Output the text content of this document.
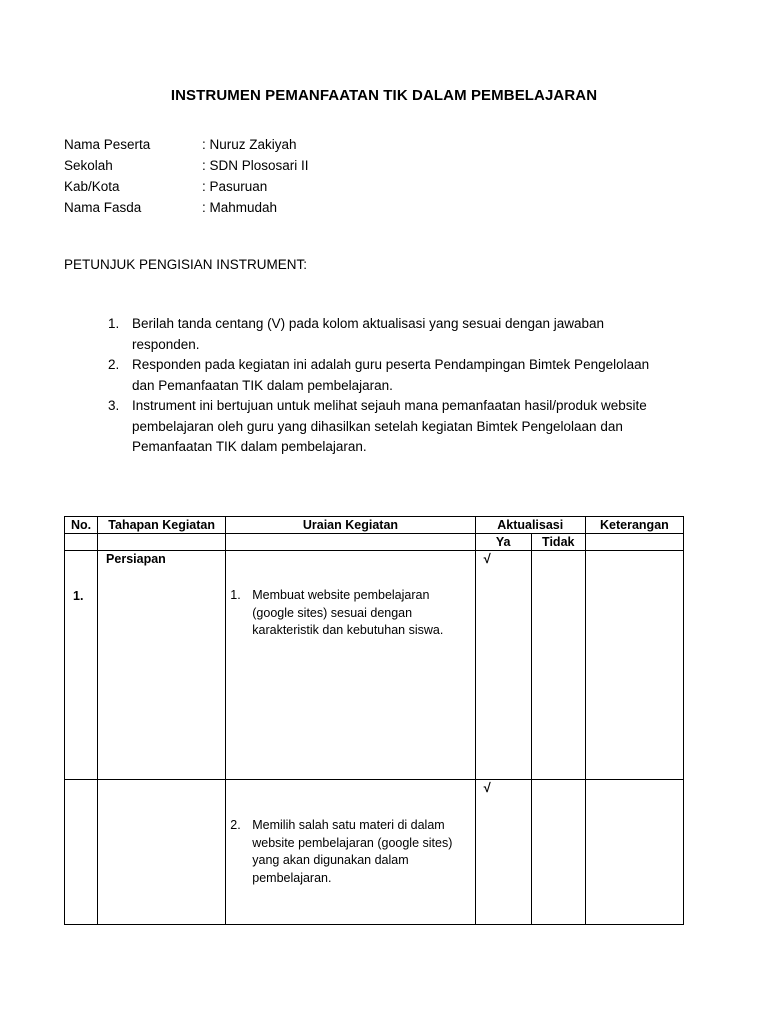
INSTRUMEN PEMANFAATAN TIK DALAM PEMBELAJARAN
Nama Peserta	: Nuruz Zakiyah
Sekolah	: SDN Plososari II
Kab/Kota	: Pasuruan
Nama Fasda	: Mahmudah
PETUNJUK PENGISIAN INSTRUMENT:
1. Berilah tanda centang (V) pada kolom aktualisasi yang sesuai dengan jawaban responden.
2. Responden pada kegiatan ini adalah guru peserta Pendampingan Bimtek Pengelolaan dan Pemanfaatan TIK dalam pembelajaran.
3. Instrument ini bertujuan untuk melihat sejauh mana pemanfaatan hasil/produk website pembelajaran oleh guru yang dihasilkan setelah kegiatan Bimtek Pengelolaan dan Pemanfaatan TIK dalam pembelajaran.
No.	Tahapan Kegiatan	Uraian Kegiatan	Aktualisasi		Keterangan
			Ya	Tidak	

1.	Persiapan	1. Membuat website pembelajaran (google sites) sesuai dengan karakteristik dan kebutuhan siswa.	√		

		2. Memilih salah satu materi di dalam website pembelajaran (google sites) yang akan digunakan dalam pembelajaran.	√		
